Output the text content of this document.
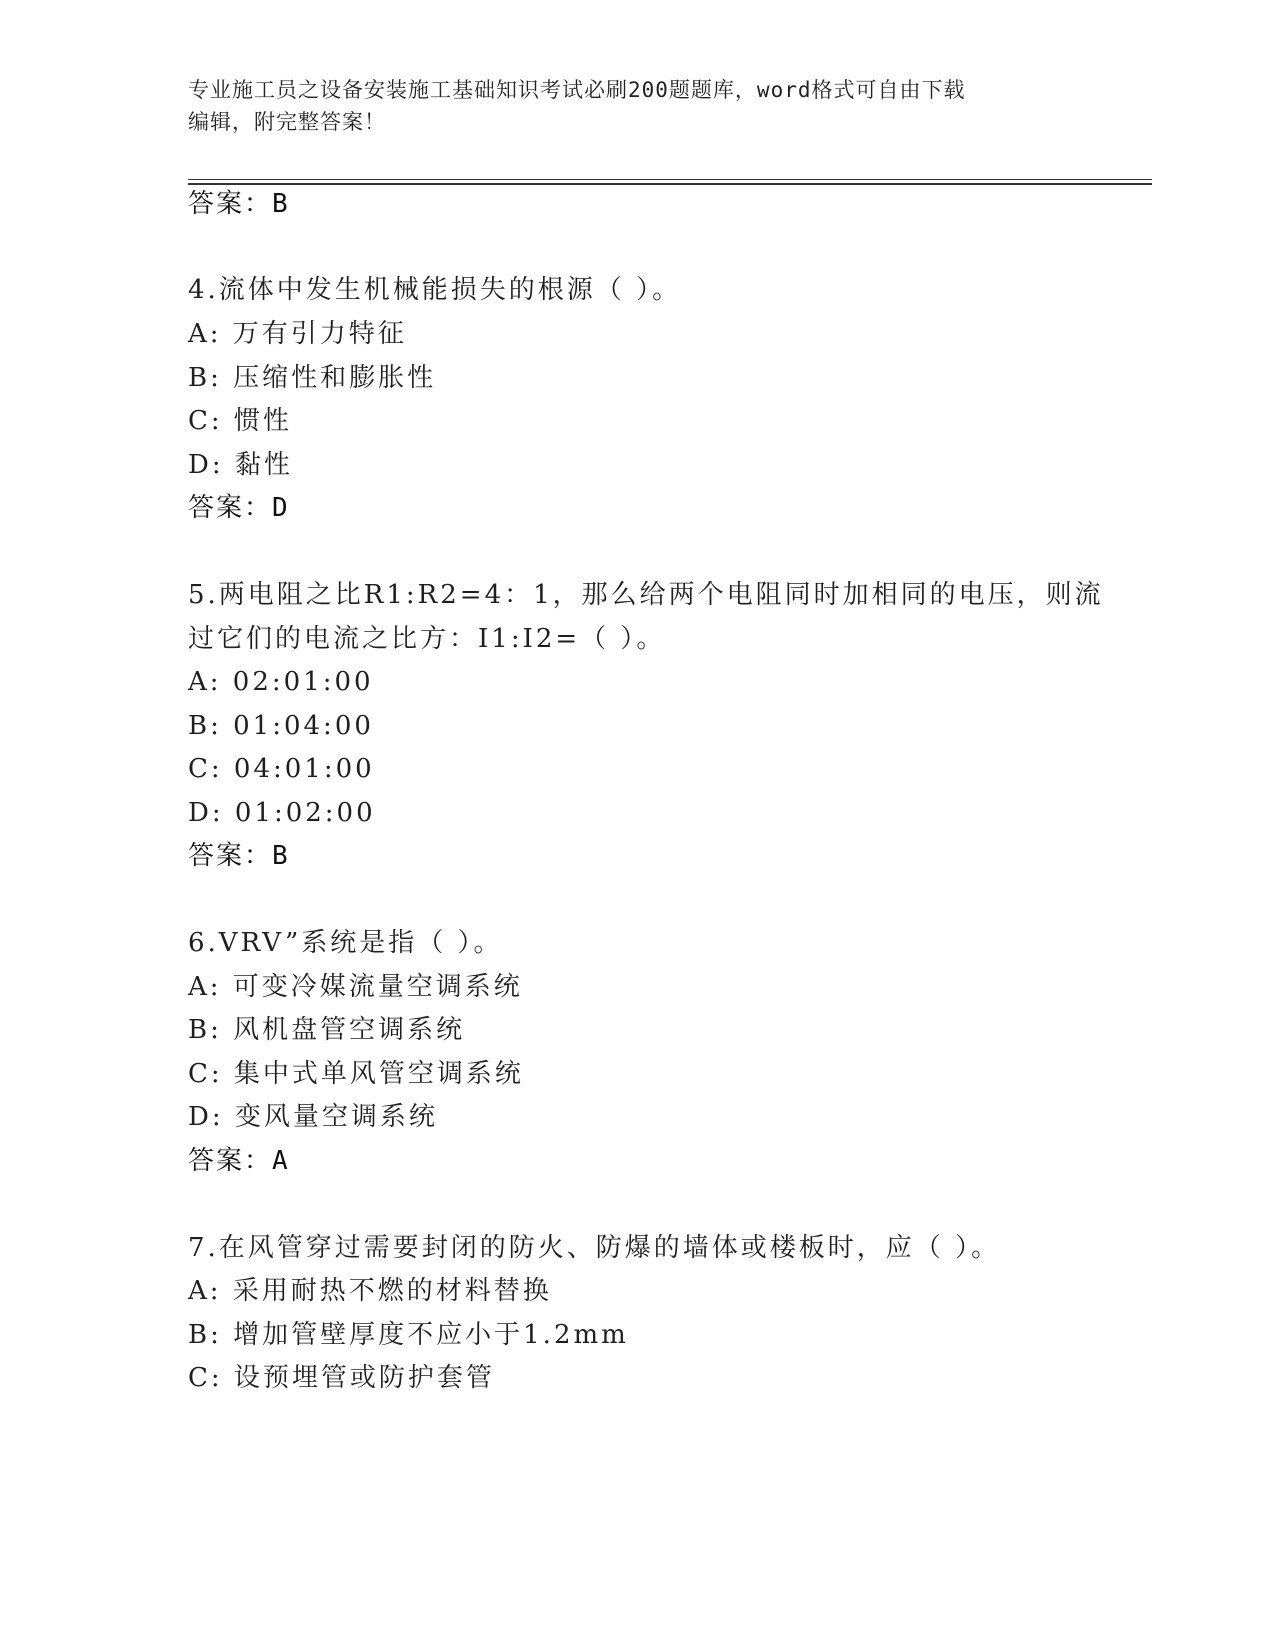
专业施工员之设备安装施工基础知识考试必刷200题题库，word格式可自由下载
编辑，附完整答案！
答案：B
4.流体中发生机械能损失的根源（ ）。
A: 万有引力特征
B: 压缩性和膨胀性
C: 惯性
D: 黏性
答案：D
5.两电阻之比R1:R2=4：1，那么给两个电阻同时加相同的电压，则流
过它们的电流之比方：I1:I2=（ ）。
A: 02:01:00
B: 01:04:00
C: 04:01:00
D: 01:02:00
答案：B
6.VRV”系统是指（ ）。
A: 可变冷媒流量空调系统
B: 风机盘管空调系统
C: 集中式单风管空调系统
D: 变风量空调系统
答案：A
7.在风管穿过需要封闭的防火、防爆的墙体或楼板时，应（ ）。
A: 采用耐热不燃的材料替换
B: 增加管壁厚度不应小于1.2mm
C: 设预埋管或防护套管
